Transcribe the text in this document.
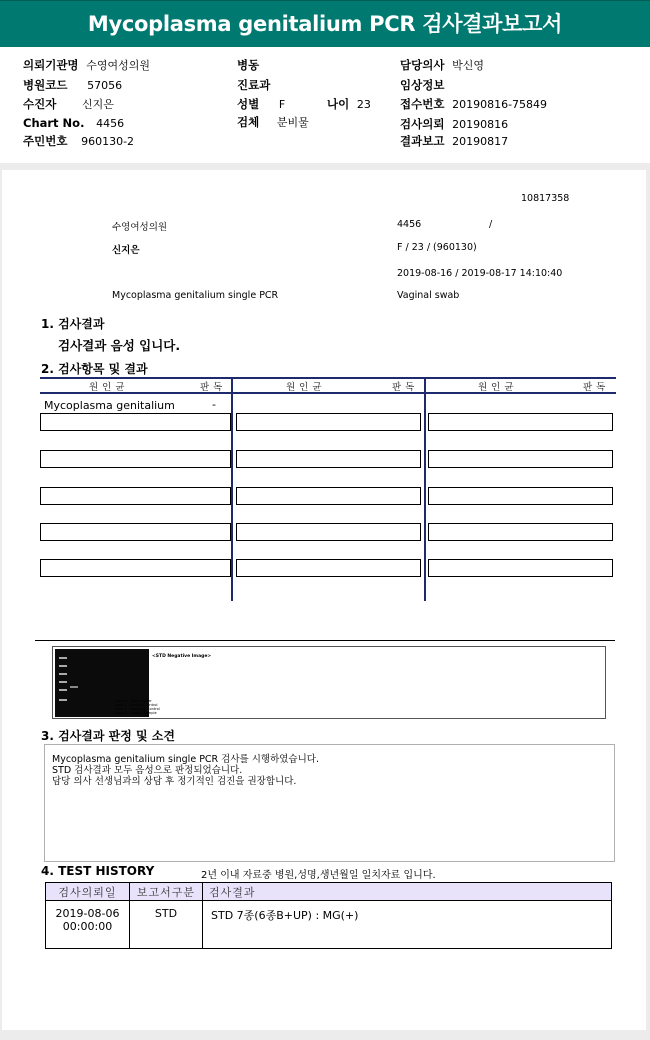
Mycoplasma genitalium PCR 검사결과보고서
의뢰기관명 수영여성의원	병동	담당의사 박신영
병원코드 57056	진료과	임상정보
수진자 신지은	성별 F	나이 23	접수번호 20190816-75849
Chart No. 4456	검체 분비물	검사의뢰 20190816
주민번호 960130-2	결과보고 20190817
10817358
수영여성의원	4456	/
신지은	F / 23 / (960130)
2019-08-16 / 2019-08-17 14:10:40
Mycoplasma genitalium single PCR	Vaginal swab
1. 검사결과
검사결과 음성 입니다.
2. 검사항목 및 결과
원인균	판독	원인균	판독	원인균	판독
Mycoplasma genitalium	-
<STD Negative Image>
Lane M : Size marker
Lane 1 : Positive Control
Lane 2 : Negative Control
Lane 3 : Patient Sample
3. 검사결과 판정 및 소견
Mycoplasma genitalium single PCR 검사를 시행하였습니다.
STD 검사결과 모두 음성으로 판정되었습니다.
담당 의사 선생님과의 상담 후 정기적인 검진을 권장합니다.
4. TEST HISTORY	2년 이내 자료중 병원,성명,생년월일 일치자료 입니다.
검사의뢰일	보고서구분	검사결과

2019-08-06
00:00:00	STD	STD 7종(6종B+UP) : MG(+)
